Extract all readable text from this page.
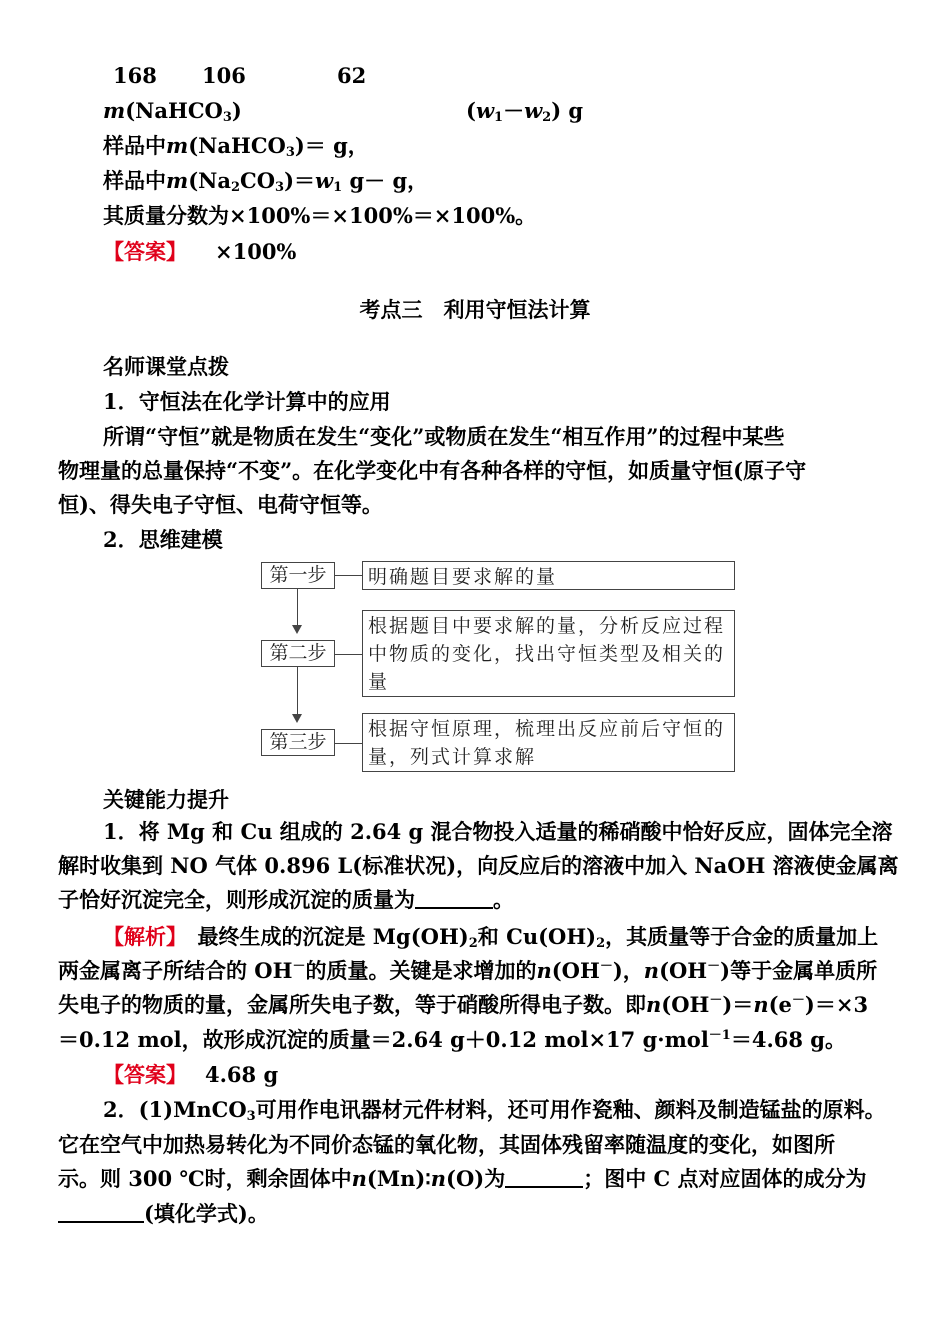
168 106	62
m(NaHCO$_3$)	$(w_1-w_2)$ g
样品中m(NaHCO$_3$)＝ g，
样品中$m(Na_2CO_3)=w_1$ g－ g，
其质量分数为×100%＝×100%＝×100%。
【答案】 ×100%
考点三　利用守恒法计算
名师课堂点拨
1．守恒法在化学计算中的应用
所谓“守恒”就是物质在发生“变化”或物质在发生“相互作用”的过程中某些
物理量的总量保持“不变”。在化学变化中有各种各样的守恒，如质量守恒(原子守
恒)、得失电子守恒、电荷守恒等。
2．思维建模
第一步	明确题目要求解的量
第二步
根据题目中要求解的量，分析反应过程中物质的变化，找出守恒类型及相关的量
第三步
根据守恒原理，梳理出反应前后守恒的量，列式计算求解
关键能力提升
1．将 Mg 和 Cu 组成的 2.64 g 混合物投入适量的稀硝酸中恰好反应，固体完全溶
解时收集到 NO 气体 0.896 L(标准状况)，向反应后的溶液中加入 NaOH 溶液使金属离
子恰好沉淀完全，则形成沉淀的质量为	。
【解析】　最终生成的沉淀是 $Mg(OH)_2$和 $Cu(OH)_2$，其质量等于合金的质量加上
两金属离子所结合的 OH－的质量。关键是求增加的n(OH－)，n(OH－)等于金属单质所
失电子的物质的量，金属所失电子数，等于硝酸所得电子数。即n(OH－)＝n(e－)＝×3
＝0.12 mol，故形成沉淀的质量＝2.64 g＋0.12 mol×17 g·mol$^{-1}$＝4.68 g。
【答案】 4.68 g
2．(1)MnCO$_3$可用作电讯器材元件材料，还可用作瓷釉、颜料及制造锰盐的原料。
它在空气中加热易转化为不同价态锰的氧化物，其固体残留率随温度的变化，如图所
示。则 300 ℃时，剩余固体中n(Mn)∶n(O)为	；图中 C 点对应固体的成分为
(填化学式)。
